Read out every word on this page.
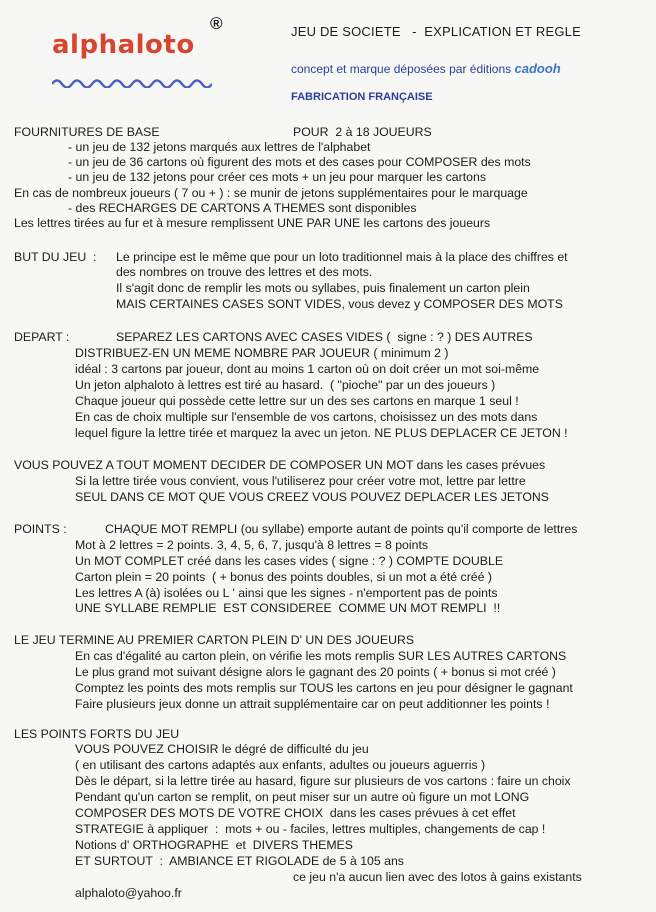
alphaloto
®	JEU DE SOCIETE   -  EXPLICATION ET REGLE
concept et marque déposées par éditions cadooh
FABRICATION FRANÇAISE
FOURNITURES DE BASE	POUR  2 à 18 JOUEURS
- un jeu de 132 jetons marqués aux lettres de l'alphabet
- un jeu de 36 cartons où figurent des mots et des cases pour COMPOSER des mots
- un jeu de 132 jetons pour créer ces mots + un jeu pour marquer les cartons
En cas de nombreux joueurs ( 7 ou + ) : se munir de jetons supplémentaires pour le marquage
- des RECHARGES DE CARTONS A THEMES sont disponibles
Les lettres tirées au fur et à mesure remplissent UNE PAR UNE les cartons des joueurs
BUT DU JEU  : Le principe est le même que pour un loto traditionnel mais à la place des chiffres et
des nombres on trouve des lettres et des mots.
Il s'agit donc de remplir les mots ou syllabes, puis finalement un carton plein
MAIS CERTAINES CASES SONT VIDES, vous devez y COMPOSER DES MOTS
DEPART :	SEPAREZ LES CARTONS AVEC CASES VIDES (  signe : ? ) DES AUTRES
DISTRIBUEZ-EN UN MEME NOMBRE PAR JOUEUR ( minimum 2 )
idéal : 3 cartons par joueur, dont au moins 1 carton où on doit créer un mot soi-même
Un jeton alphaloto à lettres est tiré au hasard.  ( "pioche" par un des joueurs )
Chaque joueur qui possède cette lettre sur un des ses cartons en marque 1 seul !
En cas de choix multiple sur l'ensemble de vos cartons, choisissez un des mots dans
lequel figure la lettre tirée et marquez la avec un jeton. NE PLUS DEPLACER CE JETON !
VOUS POUVEZ A TOUT MOMENT DECIDER DE COMPOSER UN MOT dans les cases prévues
Si la lettre tirée vous convient, vous l'utiliserez pour créer votre mot, lettre par lettre
SEUL DANS CE MOT QUE VOUS CREEZ VOUS POUVEZ DEPLACER LES JETONS
POINTS :	CHAQUE MOT REMPLI (ou syllabe) emporte autant de points qu'il comporte de lettres
Mot à 2 lettres = 2 points. 3, 4, 5, 6, 7, jusqu'à 8 lettres = 8 points
Un MOT COMPLET créé dans les cases vides ( signe : ? ) COMPTE DOUBLE
Carton plein = 20 points  ( + bonus des points doubles, si un mot a été créé )
Les lettres A (à) isolées ou L ' ainsi que les signes - n'emportent pas de points
UNE SYLLABE REMPLIE  EST CONSIDEREE  COMME UN MOT REMPLI  !!
LE JEU TERMINE AU PREMIER CARTON PLEIN D' UN DES JOUEURS
En cas d'égalité au carton plein, on vérifie les mots remplis SUR LES AUTRES CARTONS
Le plus grand mot suivant désigne alors le gagnant des 20 points ( + bonus si mot créé )
Comptez les points des mots remplis sur TOUS les cartons en jeu pour désigner le gagnant
Faire plusieurs jeux donne un attrait supplémentaire car on peut additionner les points !
LES POINTS FORTS DU JEU
VOUS POUVEZ CHOISIR le dégré de difficulté du jeu
( en utilisant des cartons adaptés aux enfants, adultes ou joueurs aguerris )
Dès le départ, si la lettre tirée au hasard, figure sur plusieurs de vos cartons : faire un choix
Pendant qu'un carton se remplit, on peut miser sur un autre où figure un mot LONG
COMPOSER DES MOTS DE VOTRE CHOIX  dans les cases prévues à cet effet
STRATEGIE à appliquer  :  mots + ou - faciles, lettres multiples, changements de cap !
Notions d' ORTHOGRAPHE  et  DIVERS THEMES
ET SURTOUT  :  AMBIANCE ET RIGOLADE de 5 à 105 ans
ce jeu n'a aucun lien avec des lotos à gains existants
alphaloto@yahoo.fr
